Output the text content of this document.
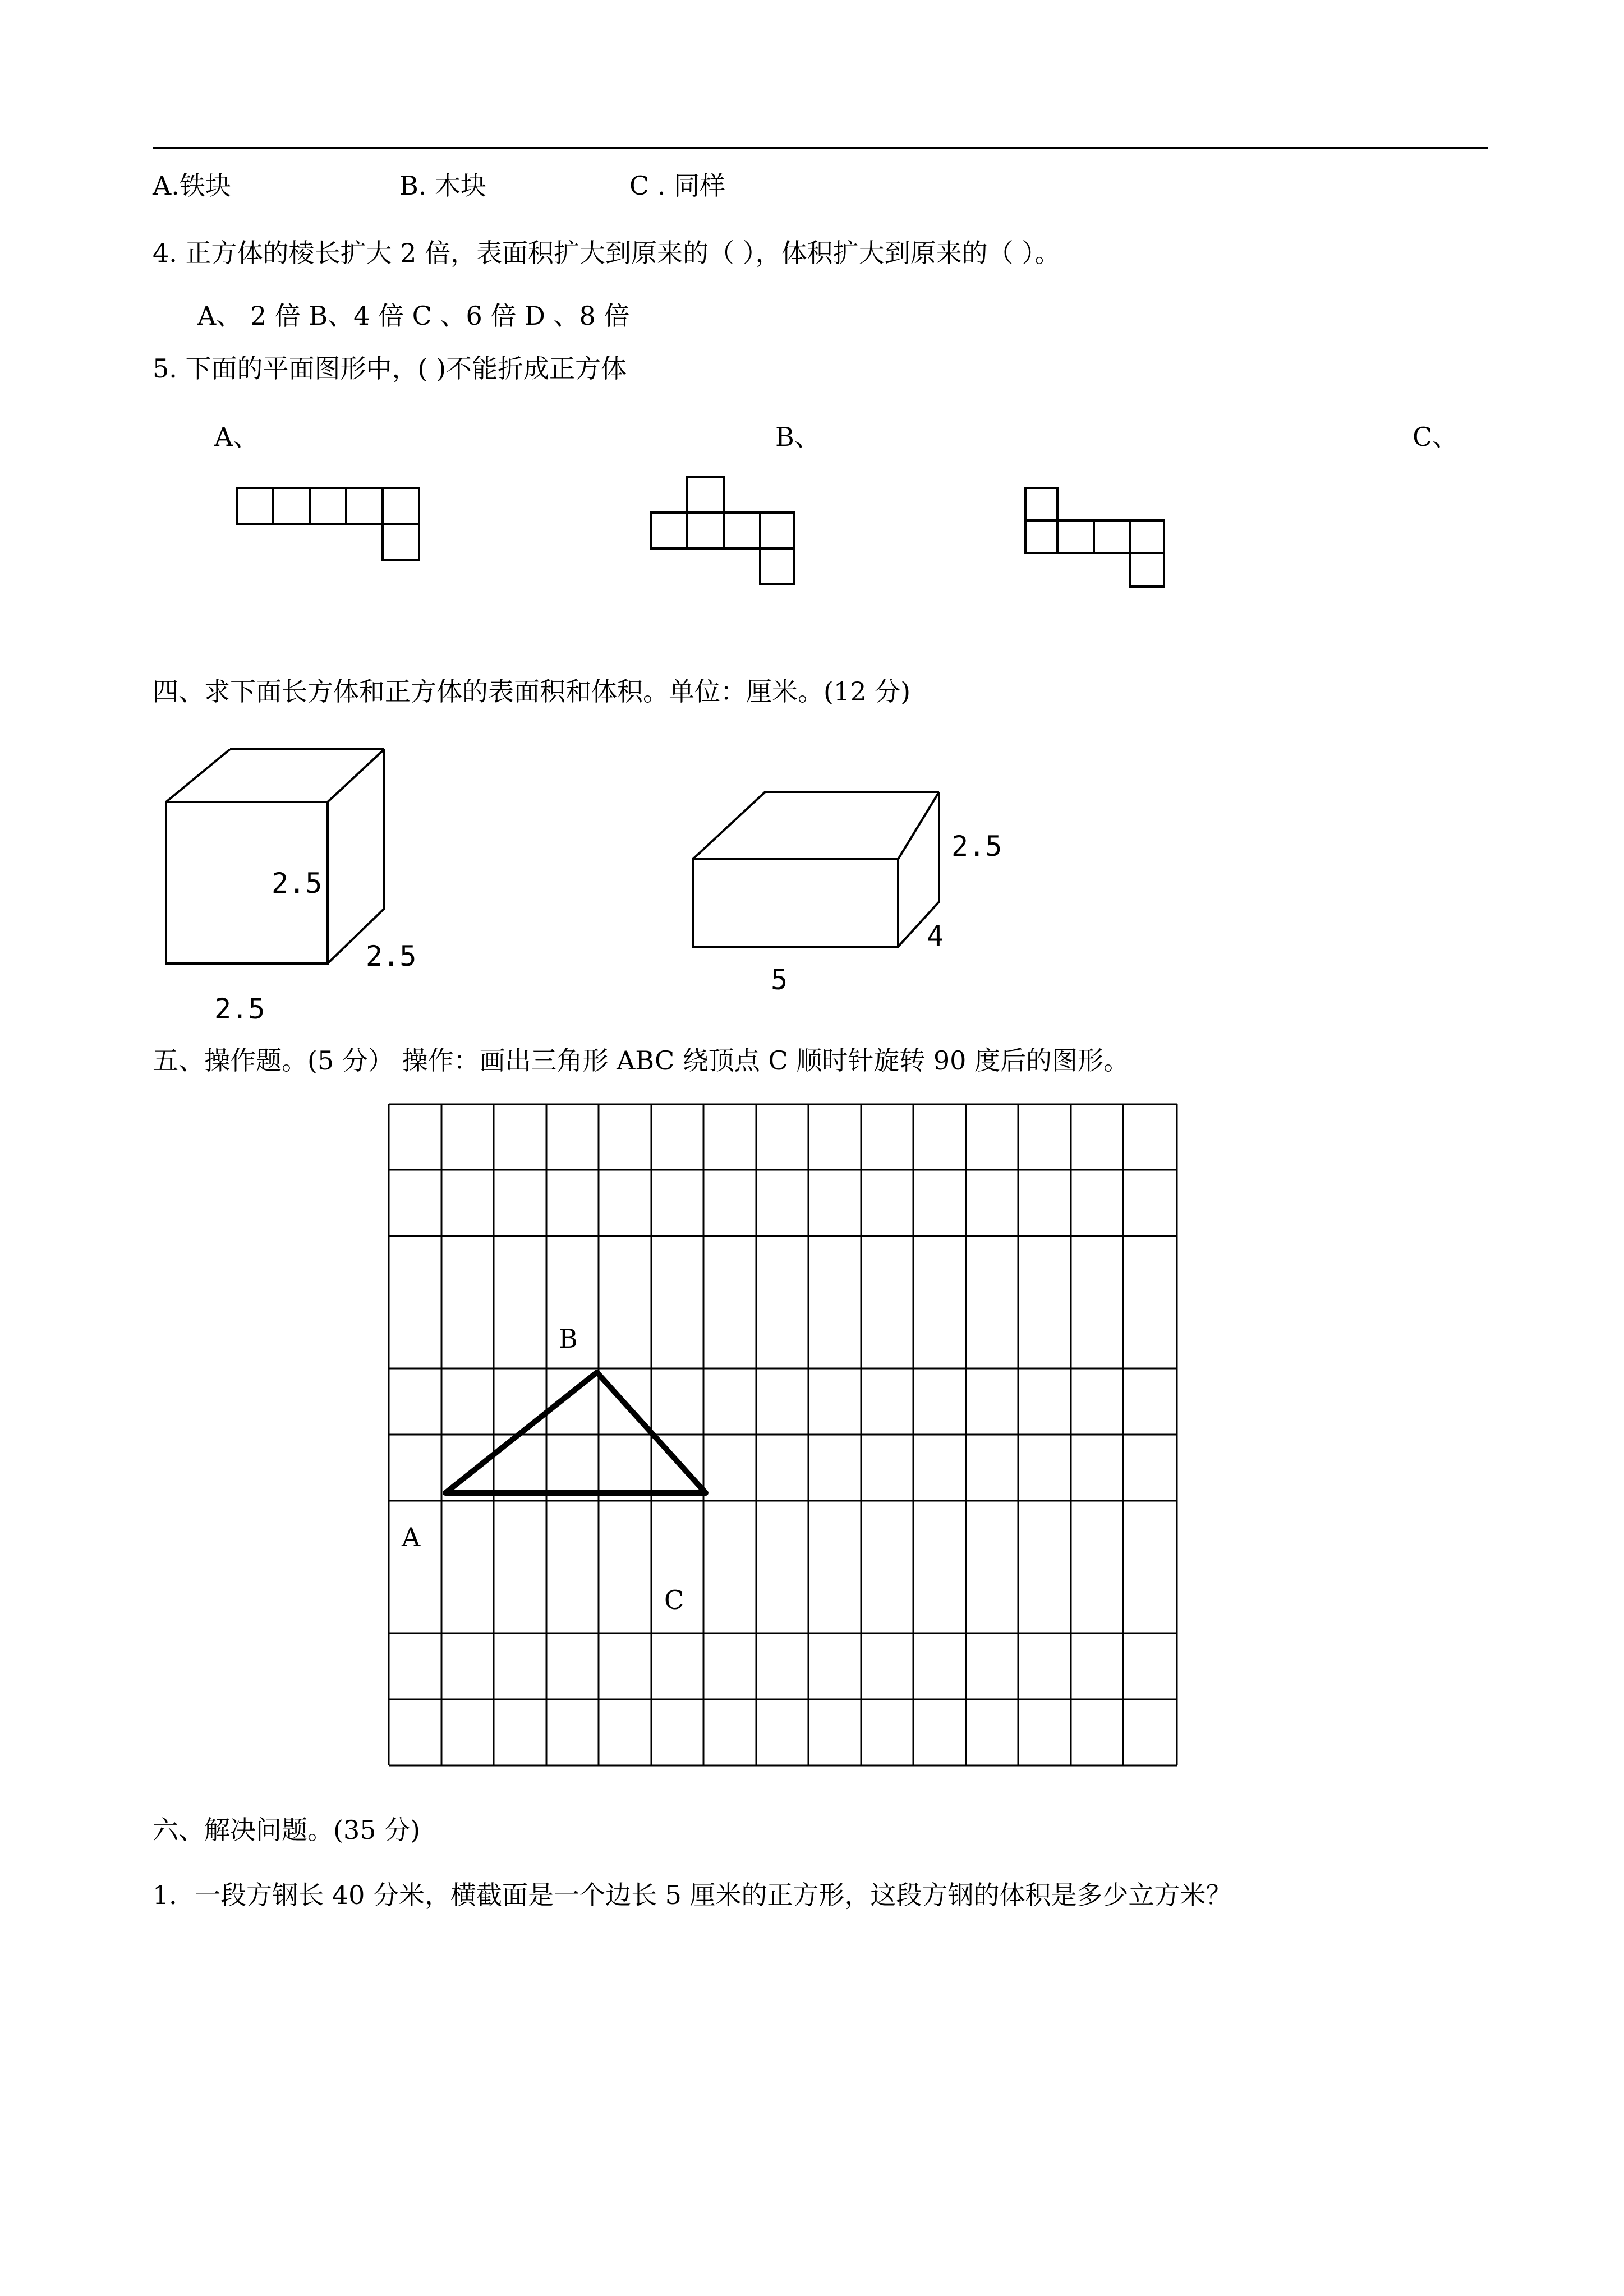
A.铁块	B. 木块	C . 同样
4. 正方体的棱长扩大 2 倍，表面积扩大到原来的（ ），体积扩大到原来的（ ）。
A、 2 倍 B、4 倍 C 、6 倍 D 、8 倍
5. 下面的平面图形中，( )不能折成正方体
A、	B、	C、
四、求下面长方体和正方体的表面积和体积。单位：厘米。(12 分)
2.5
2.5
2.5
2.5
4
5
五、操作题。(5 分） 操作：画出三角形 ABC 绕顶点 C 顺时针旋转 90 度后的图形。
B
A
C
六、解决问题。(35 分)
1．一段方钢长 40 分米，横截面是一个边长 5 厘米的正方形，这段方钢的体积是多少立方米？
